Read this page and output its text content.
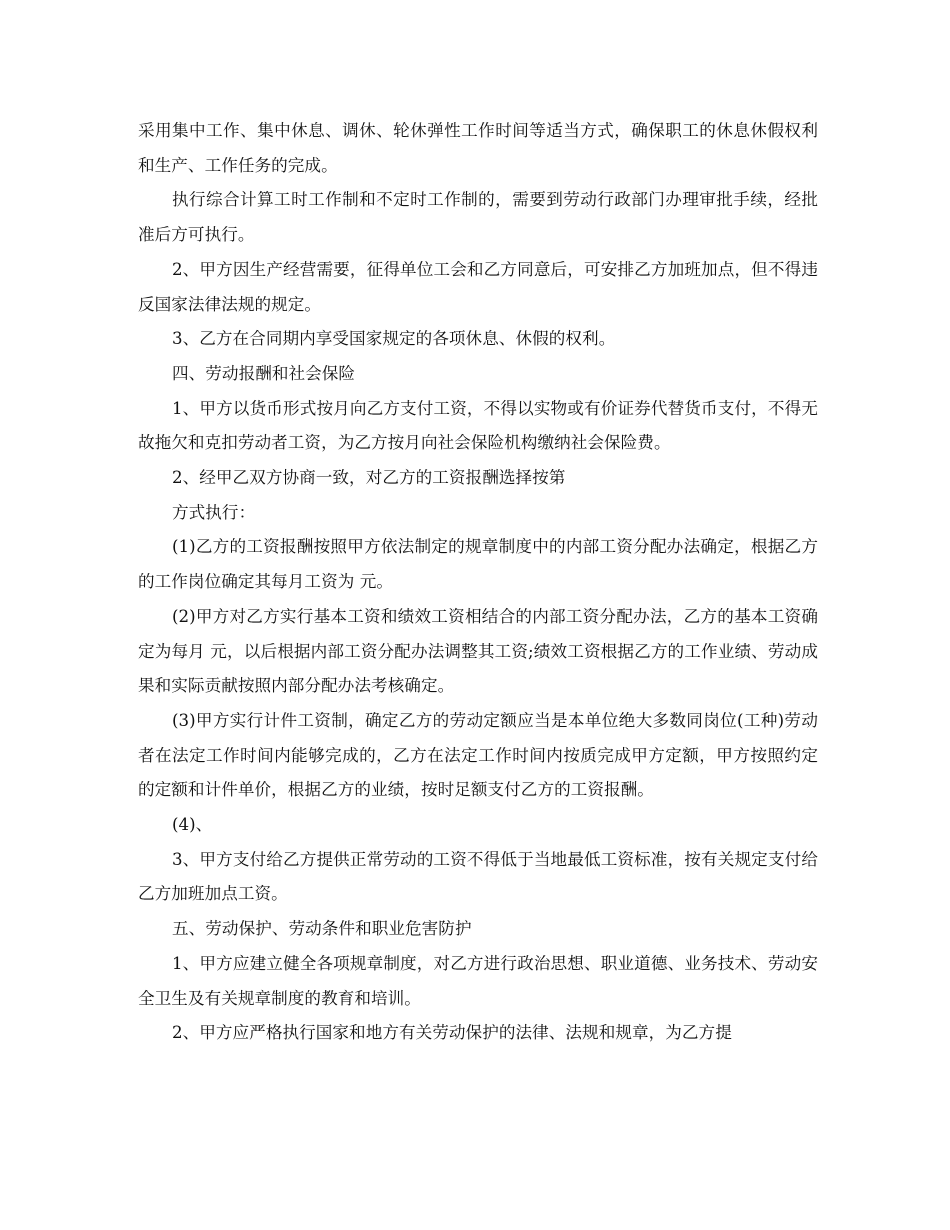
采用集中工作、集中休息、调休、轮休弹性工作时间等适当方式，确保职工的休息休假权利和生产、工作任务的完成。

执行综合计算工时工作制和不定时工作制的，需要到劳动行政部门办理审批手续，经批准后方可执行。

2、甲方因生产经营需要，征得单位工会和乙方同意后，可安排乙方加班加点，但不得违反国家法律法规的规定。

3、乙方在合同期内享受国家规定的各项休息、休假的权利。

四、劳动报酬和社会保险

1、甲方以货币形式按月向乙方支付工资，不得以实物或有价证券代替货币支付，不得无故拖欠和克扣劳动者工资，为乙方按月向社会保险机构缴纳社会保险费。

2、经甲乙双方协商一致，对乙方的工资报酬选择按第

方式执行：

(1)乙方的工资报酬按照甲方依法制定的规章制度中的内部工资分配办法确定，根据乙方的工作岗位确定其每月工资为 元。

(2)甲方对乙方实行基本工资和绩效工资相结合的内部工资分配办法，乙方的基本工资确定为每月 元，以后根据内部工资分配办法调整其工资;绩效工资根据乙方的工作业绩、劳动成果和实际贡献按照内部分配办法考核确定。

(3)甲方实行计件工资制，确定乙方的劳动定额应当是本单位绝大多数同岗位(工种)劳动者在法定工作时间内能够完成的，乙方在法定工作时间内按质完成甲方定额，甲方按照约定的定额和计件单价，根据乙方的业绩，按时足额支付乙方的工资报酬。

(4)、

3、甲方支付给乙方提供正常劳动的工资不得低于当地最低工资标准，按有关规定支付给乙方加班加点工资。

五、劳动保护、劳动条件和职业危害防护

1、甲方应建立健全各项规章制度，对乙方进行政治思想、职业道德、业务技术、劳动安全卫生及有关规章制度的教育和培训。

2、甲方应严格执行国家和地方有关劳动保护的法律、法规和规章，为乙方提
